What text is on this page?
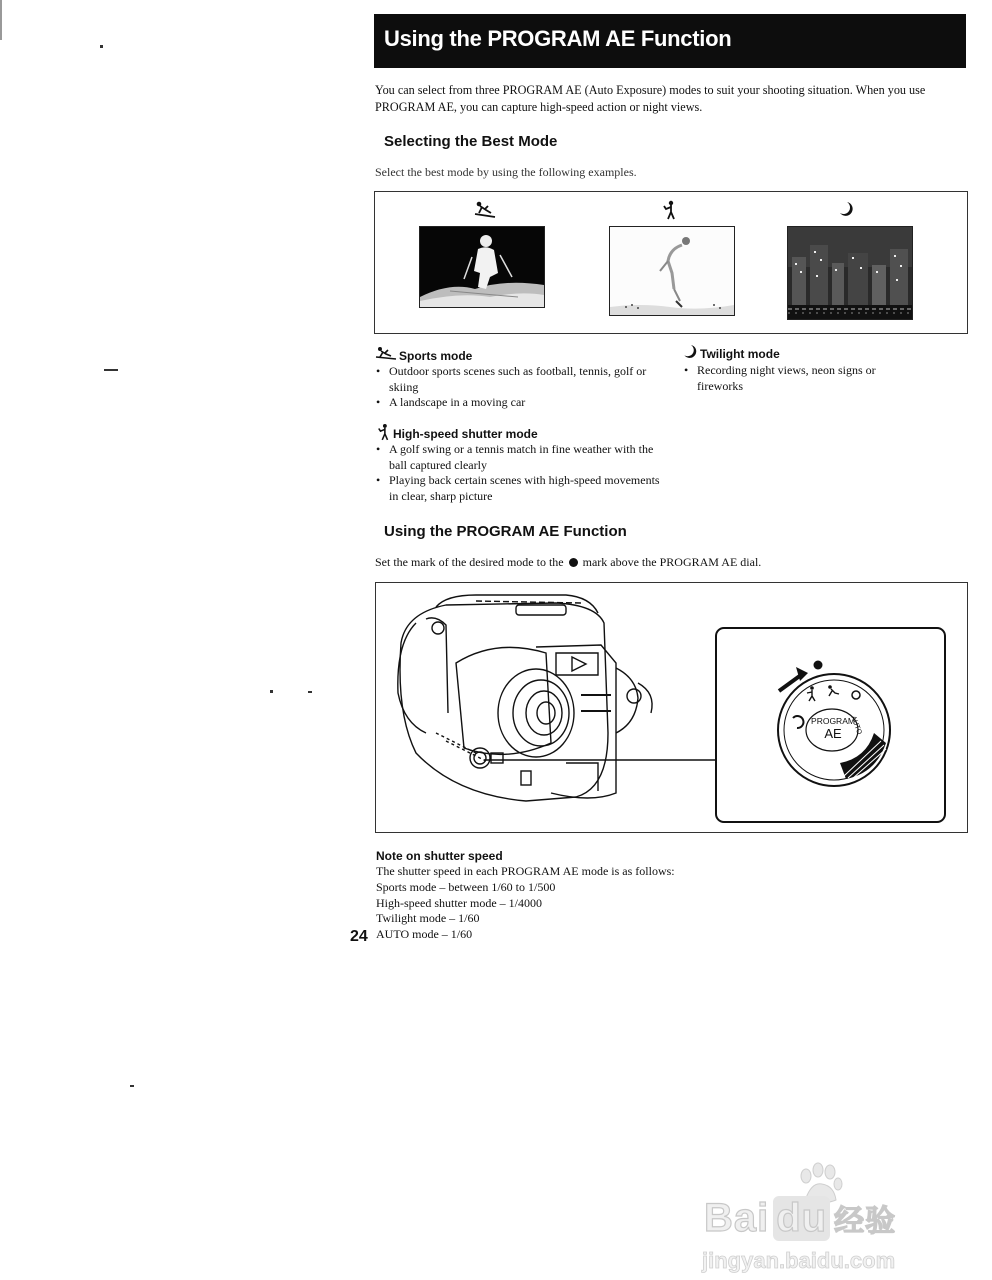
Using the PROGRAM AE Function
You can select from three PROGRAM AE (Auto Exposure) modes to suit your shooting situation. When you use PROGRAM AE, you can capture high-speed action or night views.
Selecting the Best Mode
Select the best mode by using the following examples.
Sports mode
• Outdoor sports scenes such as football, tennis, golf or skiing
• A landscape in a moving car
High-speed shutter mode
• A golf swing or a tennis match in fine weather with the ball captured clearly
• Playing back certain scenes with high-speed movements in clear, sharp picture
Twilight mode
• Recording night views, neon signs or fireworks
Using the PROGRAM AE Function
Set the mark of the desired mode to the mark above the PROGRAM AE dial.
PROGRAM
AE	AUTO
Note on shutter speed
The shutter speed in each PROGRAM AE mode is as follows:
Sports mode – between 1/60 to 1/500
High-speed shutter mode – 1/4000
Twilight mode – 1/60
AUTO mode – 1/60
24
Bai du 经验
jingyan.baidu.com
